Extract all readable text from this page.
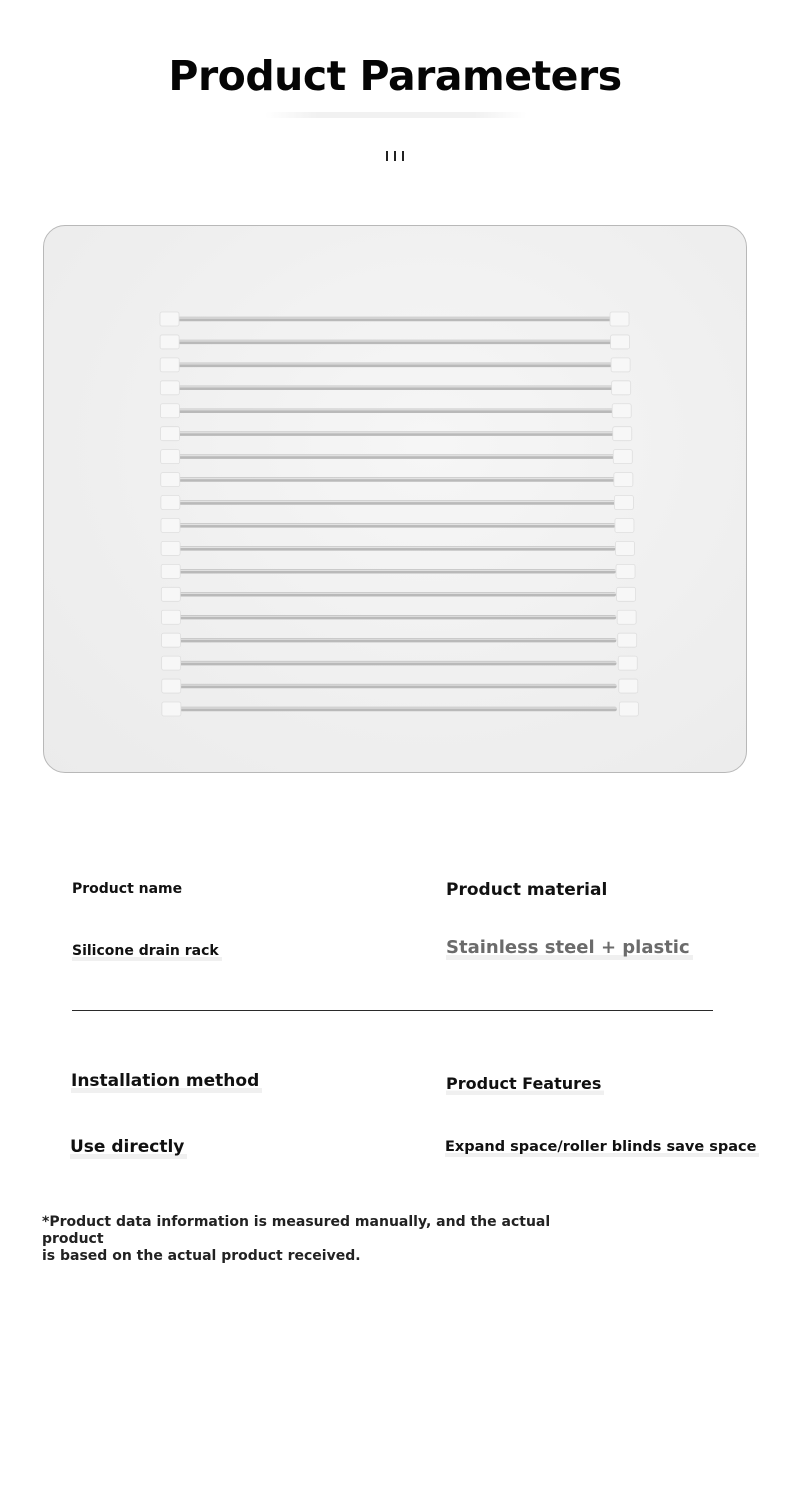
Product Parameters

Product name

Silicone drain rack

Product material

Stainless steel + plastic

Installation method

Use directly

Product Features

Expand space/roller blinds save space

*Product data information is measured manually, and the actual product
is based on the actual product received.
